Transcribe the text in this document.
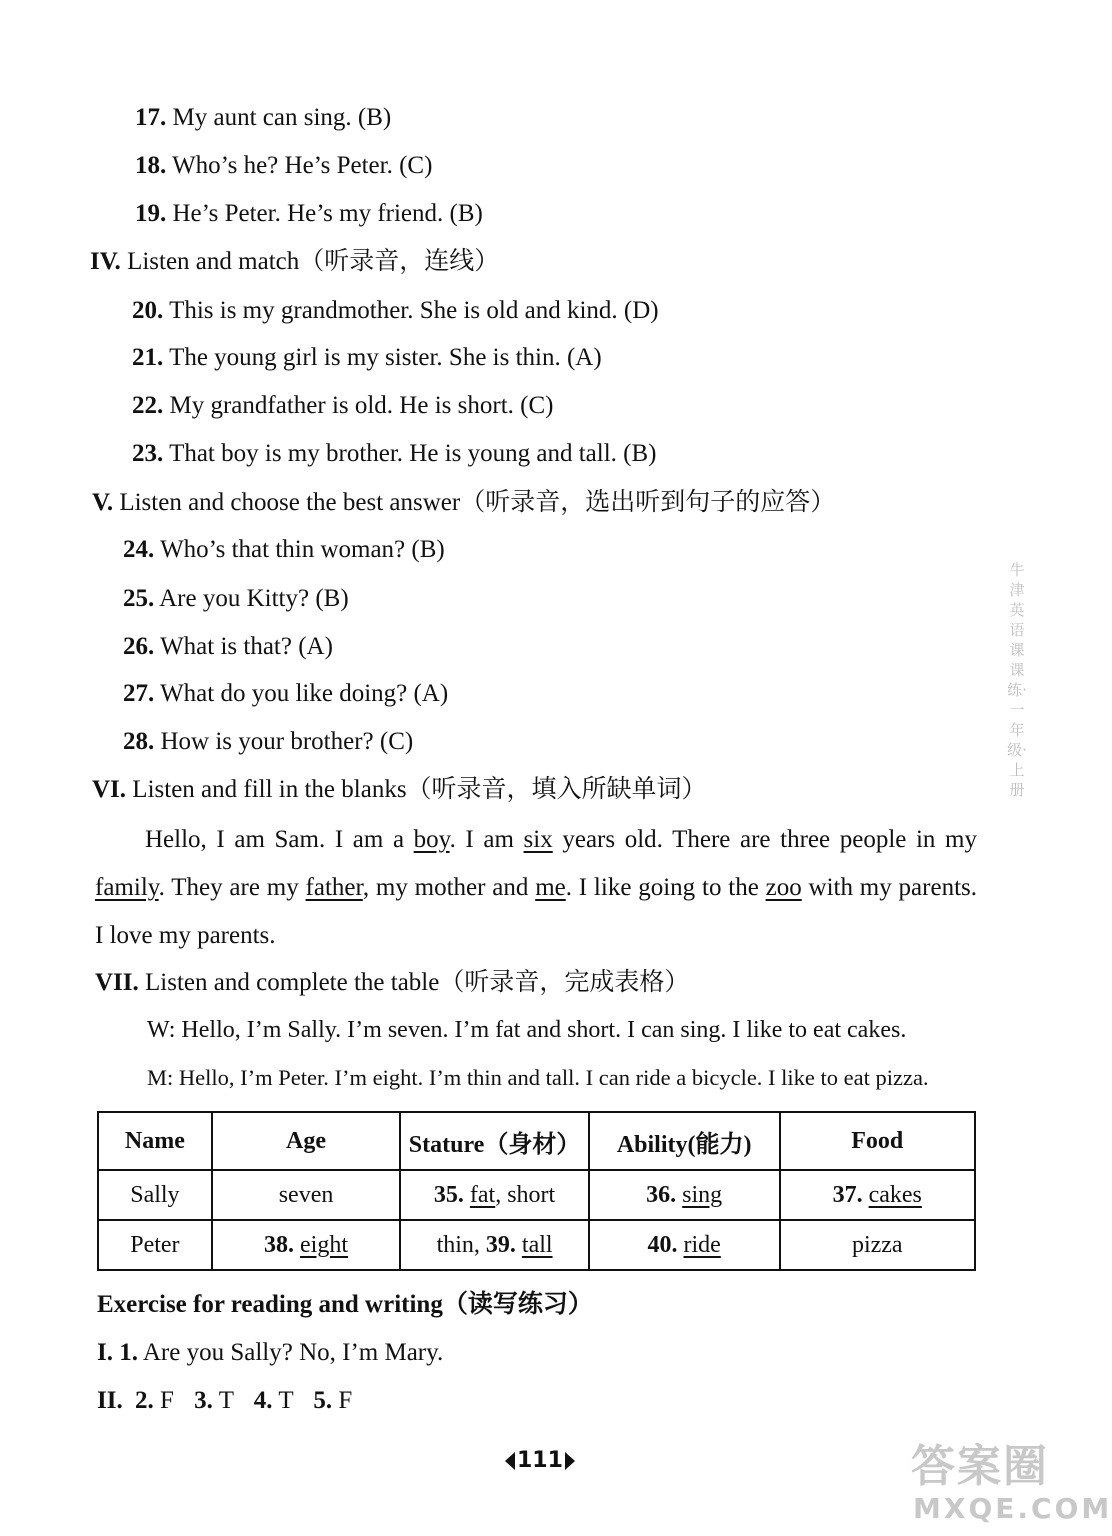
17. My aunt can sing. (B)
18. Who’s he? He’s Peter. (C)
19. He’s Peter. He’s my friend. (B)
IV. Listen and match（听录音，连线）
20. This is my grandmother. She is old and kind. (D)
21. The young girl is my sister. She is thin. (A)
22. My grandfather is old. He is short. (C)
23. That boy is my brother. He is young and tall. (B)
V. Listen and choose the best answer（听录音，选出听到句子的应答）
24. Who’s that thin woman? (B)
25. Are you Kitty? (B)
26. What is that? (A)
27. What do you like doing? (A)
28. How is your brother? (C)
VI. Listen and fill in the blanks（听录音，填入所缺单词）
Hello, I am Sam. I am a boy. I am six years old. There are three people in my family. They are my father, my mother and me. I like going to the zoo with my parents. I love my parents.
VII. Listen and complete the table（听录音，完成表格）
W: Hello, I’m Sally. I’m seven. I’m fat and short. I can sing. I like to eat cakes.
M: Hello, I’m Peter. I’m eight. I’m thin and tall. I can ride a bicycle. I like to eat pizza.
Name	Age	Stature（身材）	Ability(能力)	Food
Sally	seven	35. fat, short	36. sing	37. cakes
Peter	38. eight	thin, 39. tall	40. ride	pizza
Exercise for reading and writing（读写练习）
I. 1. Are you Sally? No, I’m Mary.
II. 2. F 3. T 4. T 5. F
牛津英语课课练·一年级·上册
111	答案圈
MXQE.COM
